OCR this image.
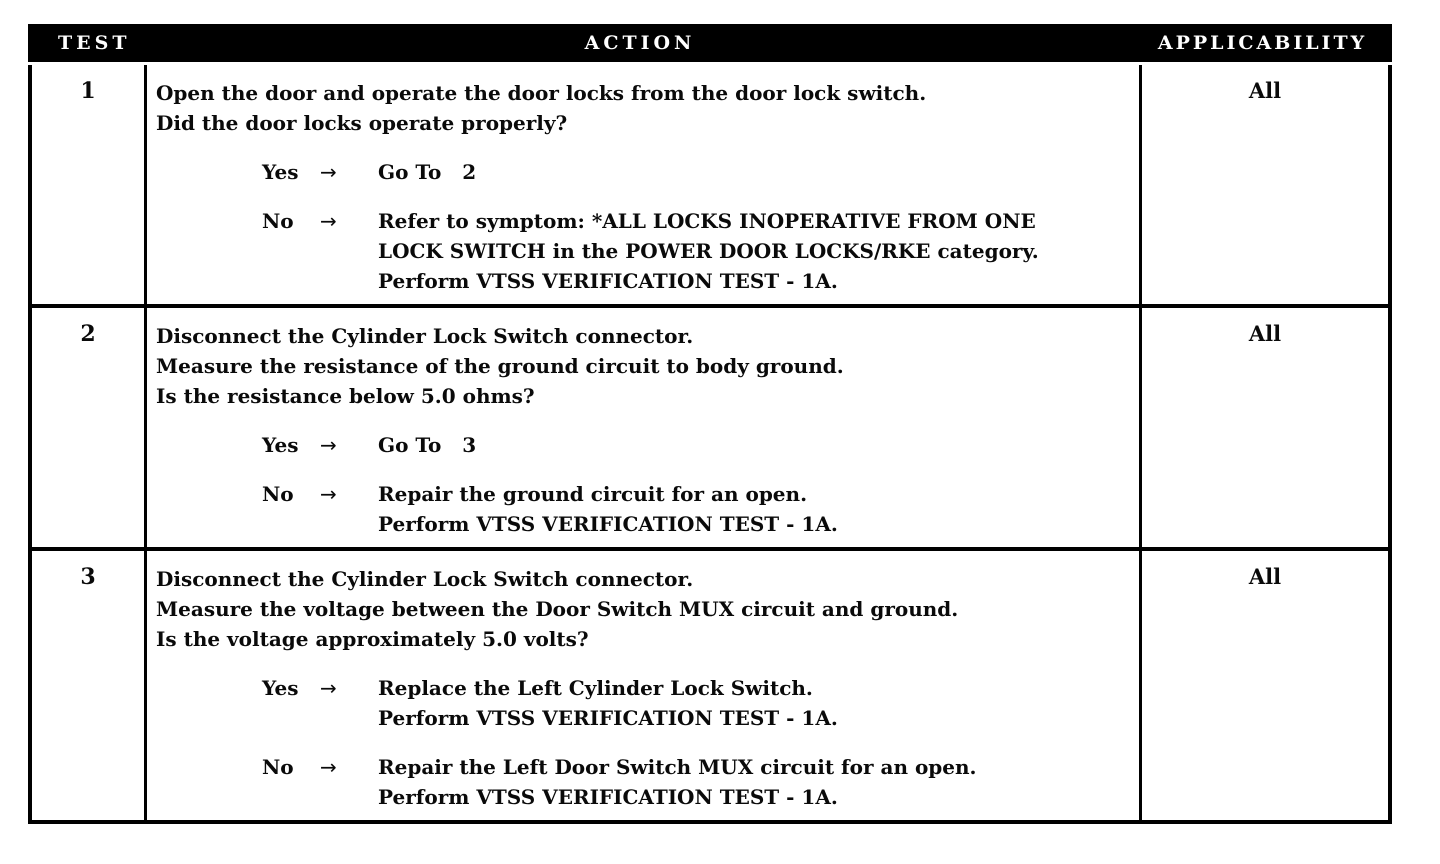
TEST	ACTION	APPLICABILITY
1	Open the door and operate the door locks from the door lock switch.
Did the door locks operate properly?
Yes	→	Go To   2
No	→	Refer to symptom: *ALL LOCKS INOPERATIVE FROM ONE
LOCK SWITCH in the POWER DOOR LOCKS/RKE category.
Perform VTSS VERIFICATION TEST - 1A.
All
2	Disconnect the Cylinder Lock Switch connector.
Measure the resistance of the ground circuit to body ground.
Is the resistance below 5.0 ohms?
Yes	→	Go To   3
No	→	Repair the ground circuit for an open.
Perform VTSS VERIFICATION TEST - 1A.
All
3	Disconnect the Cylinder Lock Switch connector.
Measure the voltage between the Door Switch MUX circuit and ground.
Is the voltage approximately 5.0 volts?
Yes	→	Replace the Left Cylinder Lock Switch.
Perform VTSS VERIFICATION TEST - 1A.
No	→	Repair the Left Door Switch MUX circuit for an open.
Perform VTSS VERIFICATION TEST - 1A.
All
